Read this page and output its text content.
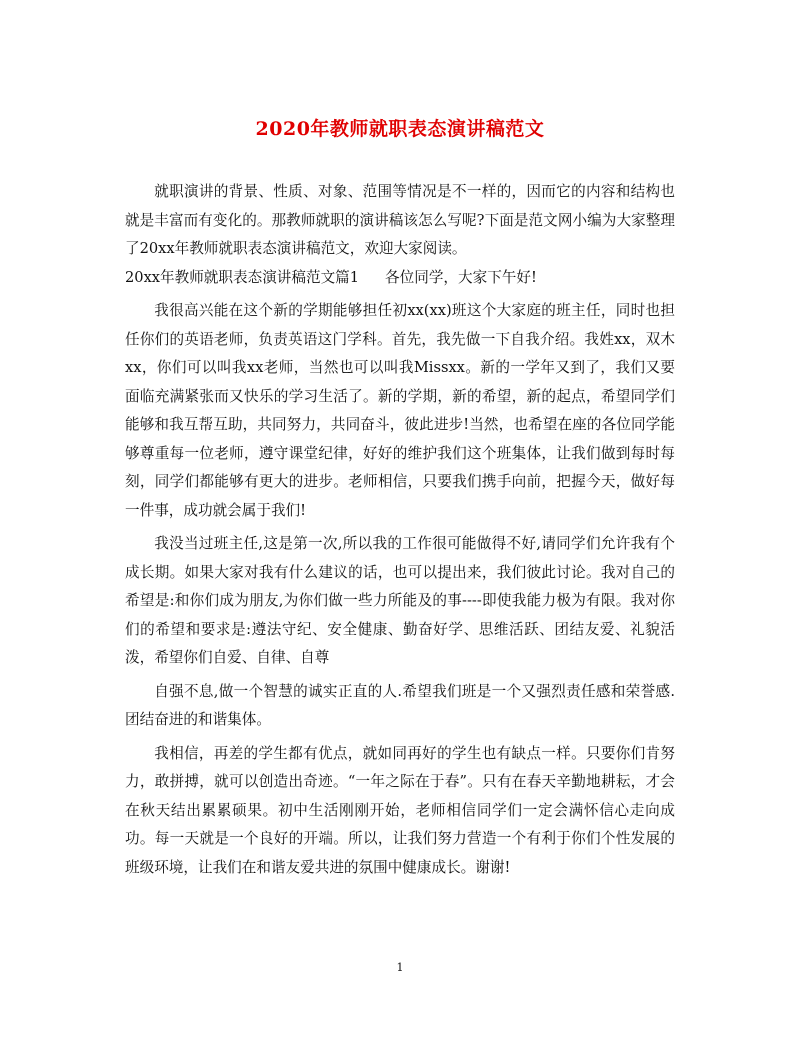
2020年教师就职表态演讲稿范文

就职演讲的背景、性质、对象、范围等情况是不一样的，因而它的内容和结构也就是丰富而有变化的。那教师就职的演讲稿该怎么写呢?下面是范文网小编为大家整理了20xx年教师就职表态演讲稿范文，欢迎大家阅读。

20xx年教师就职表态演讲稿范文篇1 各位同学，大家下午好!

我很高兴能在这个新的学期能够担任初xx(xx)班这个大家庭的班主任，同时也担任你们的英语老师，负责英语这门学科。首先，我先做一下自我介绍。我姓xx，双木xx，你们可以叫我xx老师，当然也可以叫我Missxx。新的一学年又到了，我们又要面临充满紧张而又快乐的学习生活了。新的学期，新的希望，新的起点，希望同学们能够和我互帮互助，共同努力，共同奋斗，彼此进步!当然，也希望在座的各位同学能够尊重每一位老师，遵守课堂纪律，好好的维护我们这个班集体，让我们做到每时每刻，同学们都能够有更大的进步。老师相信，只要我们携手向前，把握今天，做好每一件事，成功就会属于我们!

我没当过班主任,这是第一次,所以我的工作很可能做得不好,请同学们允许我有个成长期。如果大家对我有什么建议的话，也可以提出来，我们彼此讨论。我对自己的希望是:和你们成为朋友,为你们做一些力所能及的事----即使我能力极为有限。我对你们的希望和要求是:遵法守纪、安全健康、勤奋好学、思维活跃、团结友爱、礼貌活泼，希望你们自爱、自律、自尊

自强不息,做一个智慧的诚实正直的人.希望我们班是一个又强烈责任感和荣誉感.团结奋进的和谐集体。

我相信，再差的学生都有优点，就如同再好的学生也有缺点一样。只要你们肯努力，敢拼搏，就可以创造出奇迹。“一年之际在于春”。只有在春天辛勤地耕耘，才会在秋天结出累累硕果。初中生活刚刚开始，老师相信同学们一定会满怀信心走向成功。每一天就是一个良好的开端。所以，让我们努力营造一个有利于你们个性发展的班级环境，让我们在和谐友爱共进的氛围中健康成长。谢谢!

1
